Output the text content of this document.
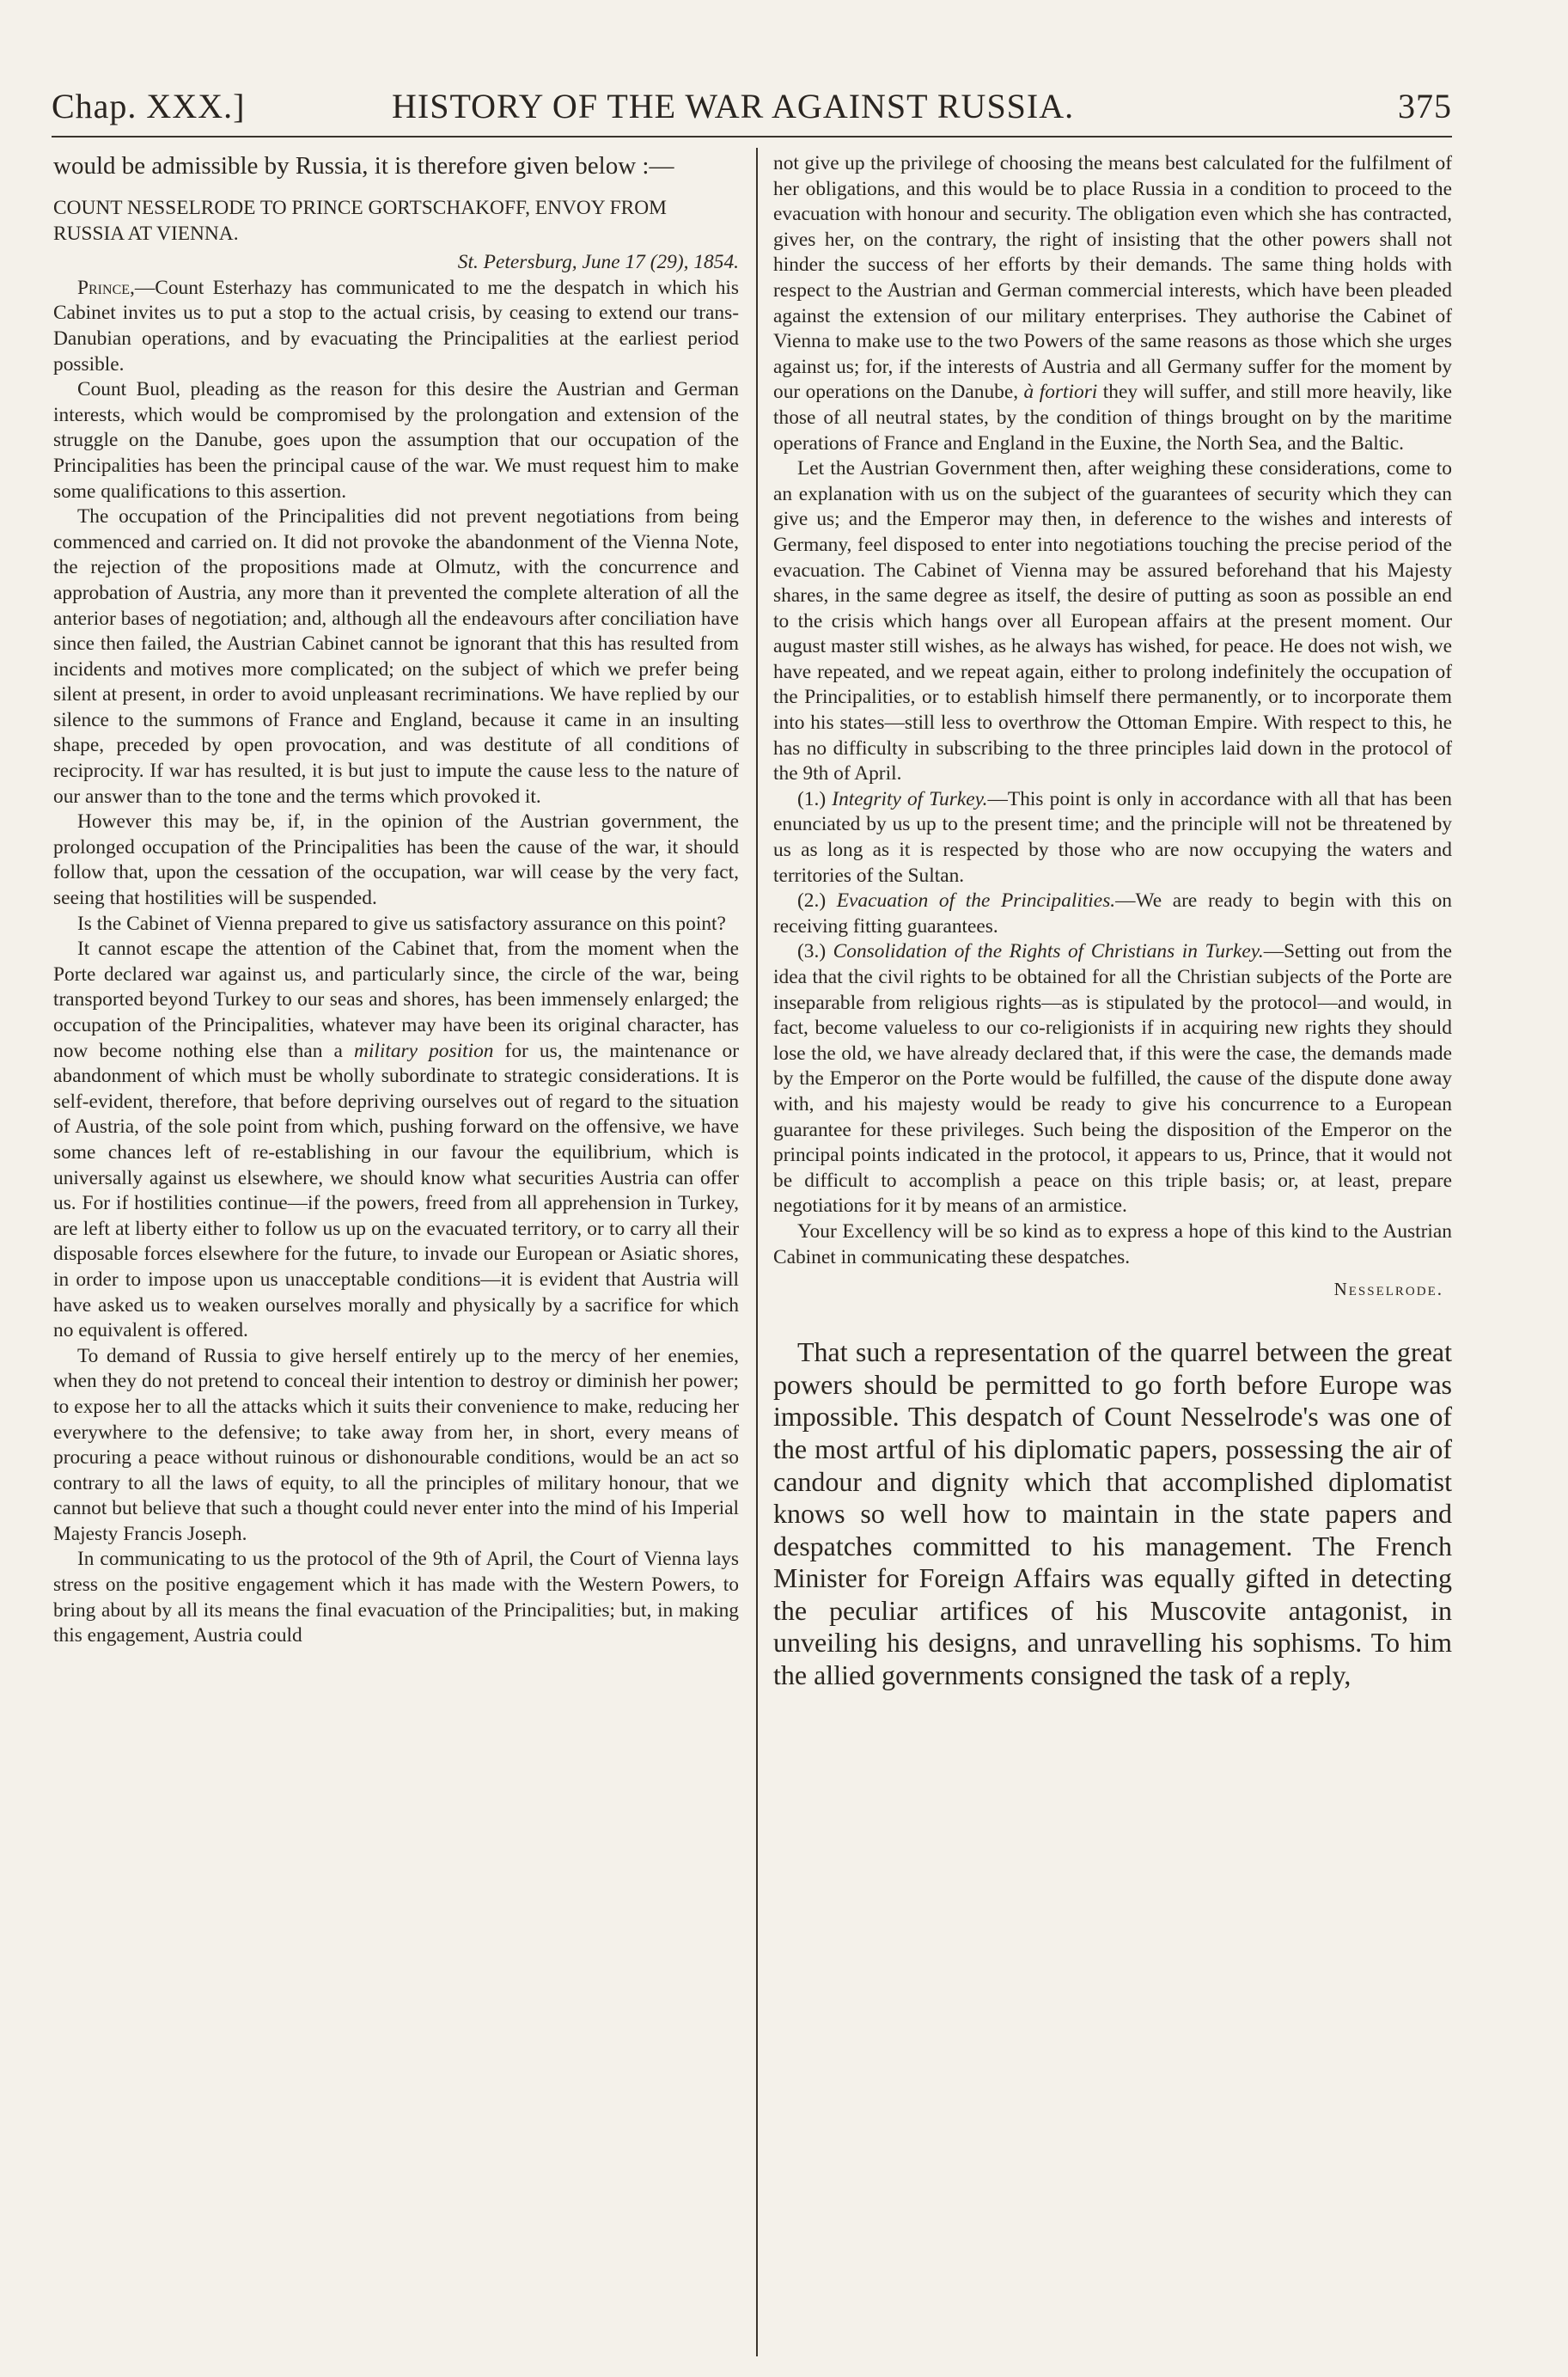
Chap. XXX.]	HISTORY OF THE WAR AGAINST RUSSIA.	375

would be admissible by Russia, it is therefore given below :—

COUNT NESSELRODE TO PRINCE GORTSCHAKOFF, ENVOY FROM RUSSIA AT VIENNA.

St. Petersburg, June 17 (29), 1854.

Prince,—Count Esterhazy has communicated to me the despatch in which his Cabinet invites us to put a stop to the actual crisis, by ceasing to extend our trans-Danubian operations, and by evacuating the Principalities at the earliest period possible.

Count Buol, pleading as the reason for this desire the Austrian and German interests, which would be compromised by the prolongation and extension of the struggle on the Danube, goes upon the assumption that our occupation of the Principalities has been the principal cause of the war. We must request him to make some qualifications to this assertion.

The occupation of the Principalities did not prevent negotiations from being commenced and carried on. It did not provoke the abandonment of the Vienna Note, the rejection of the propositions made at Olmutz, with the concurrence and approbation of Austria, any more than it prevented the complete alteration of all the anterior bases of negotiation; and, although all the endeavours after conciliation have since then failed, the Austrian Cabinet cannot be ignorant that this has resulted from incidents and motives more complicated; on the subject of which we prefer being silent at present, in order to avoid unpleasant recriminations. We have replied by our silence to the summons of France and England, because it came in an insulting shape, preceded by open provocation, and was destitute of all conditions of reciprocity. If war has resulted, it is but just to impute the cause less to the nature of our answer than to the tone and the terms which provoked it.

However this may be, if, in the opinion of the Austrian government, the prolonged occupation of the Principalities has been the cause of the war, it should follow that, upon the cessation of the occupation, war will cease by the very fact, seeing that hostilities will be suspended.

Is the Cabinet of Vienna prepared to give us satisfactory assurance on this point?

It cannot escape the attention of the Cabinet that, from the moment when the Porte declared war against us, and particularly since, the circle of the war, being transported beyond Turkey to our seas and shores, has been immensely enlarged; the occupation of the Principalities, whatever may have been its original character, has now become nothing else than a military position for us, the maintenance or abandonment of which must be wholly subordinate to strategic considerations. It is self-evident, therefore, that before depriving ourselves out of regard to the situation of Austria, of the sole point from which, pushing forward on the offensive, we have some chances left of re-establishing in our favour the equilibrium, which is universally against us elsewhere, we should know what securities Austria can offer us. For if hostilities continue—if the powers, freed from all apprehension in Turkey, are left at liberty either to follow us up on the evacuated territory, or to carry all their disposable forces elsewhere for the future, to invade our European or Asiatic shores, in order to impose upon us unacceptable conditions—it is evident that Austria will have asked us to weaken ourselves morally and physically by a sacrifice for which no equivalent is offered.

To demand of Russia to give herself entirely up to the mercy of her enemies, when they do not pretend to conceal their intention to destroy or diminish her power; to expose her to all the attacks which it suits their convenience to make, reducing her everywhere to the defensive; to take away from her, in short, every means of procuring a peace without ruinous or dishonourable conditions, would be an act so contrary to all the laws of equity, to all the principles of military honour, that we cannot but believe that such a thought could never enter into the mind of his Imperial Majesty Francis Joseph.

In communicating to us the protocol of the 9th of April, the Court of Vienna lays stress on the positive engagement which it has made with the Western Powers, to bring about by all its means the final evacuation of the Principalities; but, in making this engagement, Austria could

not give up the privilege of choosing the means best calculated for the fulfilment of her obligations, and this would be to place Russia in a condition to proceed to the evacuation with honour and security. The obligation even which she has contracted, gives her, on the contrary, the right of insisting that the other powers shall not hinder the success of her efforts by their demands. The same thing holds with respect to the Austrian and German commercial interests, which have been pleaded against the extension of our military enterprises. They authorise the Cabinet of Vienna to make use to the two Powers of the same reasons as those which she urges against us; for, if the interests of Austria and all Germany suffer for the moment by our operations on the Danube, à fortiori they will suffer, and still more heavily, like those of all neutral states, by the condition of things brought on by the maritime operations of France and England in the Euxine, the North Sea, and the Baltic.

Let the Austrian Government then, after weighing these considerations, come to an explanation with us on the subject of the guarantees of security which they can give us; and the Emperor may then, in deference to the wishes and interests of Germany, feel disposed to enter into negotiations touching the precise period of the evacuation. The Cabinet of Vienna may be assured beforehand that his Majesty shares, in the same degree as itself, the desire of putting as soon as possible an end to the crisis which hangs over all European affairs at the present moment. Our august master still wishes, as he always has wished, for peace. He does not wish, we have repeated, and we repeat again, either to prolong indefinitely the occupation of the Principalities, or to establish himself there permanently, or to incorporate them into his states—still less to overthrow the Ottoman Empire. With respect to this, he has no difficulty in subscribing to the three principles laid down in the protocol of the 9th of April.

(1.) Integrity of Turkey.—This point is only in accordance with all that has been enunciated by us up to the present time; and the principle will not be threatened by us as long as it is respected by those who are now occupying the waters and territories of the Sultan.

(2.) Evacuation of the Principalities.—We are ready to begin with this on receiving fitting guarantees.

(3.) Consolidation of the Rights of Christians in Turkey.—Setting out from the idea that the civil rights to be obtained for all the Christian subjects of the Porte are inseparable from religious rights—as is stipulated by the protocol—and would, in fact, become valueless to our co-religionists if in acquiring new rights they should lose the old, we have already declared that, if this were the case, the demands made by the Emperor on the Porte would be fulfilled, the cause of the dispute done away with, and his majesty would be ready to give his concurrence to a European guarantee for these privileges. Such being the disposition of the Emperor on the principal points indicated in the protocol, it appears to us, Prince, that it would not be difficult to accomplish a peace on this triple basis; or, at least, prepare negotiations for it by means of an armistice.

Your Excellency will be so kind as to express a hope of this kind to the Austrian Cabinet in communicating these despatches.

Nesselrode.

That such a representation of the quarrel between the great powers should be permitted to go forth before Europe was impossible. This despatch of Count Nesselrode's was one of the most artful of his diplomatic papers, possessing the air of candour and dignity which that accomplished diplomatist knows so well how to maintain in the state papers and despatches committed to his management. The French Minister for Foreign Affairs was equally gifted in detecting the peculiar artifices of his Muscovite antagonist, in unveiling his designs, and unravelling his sophisms. To him the allied governments consigned the task of a reply,
